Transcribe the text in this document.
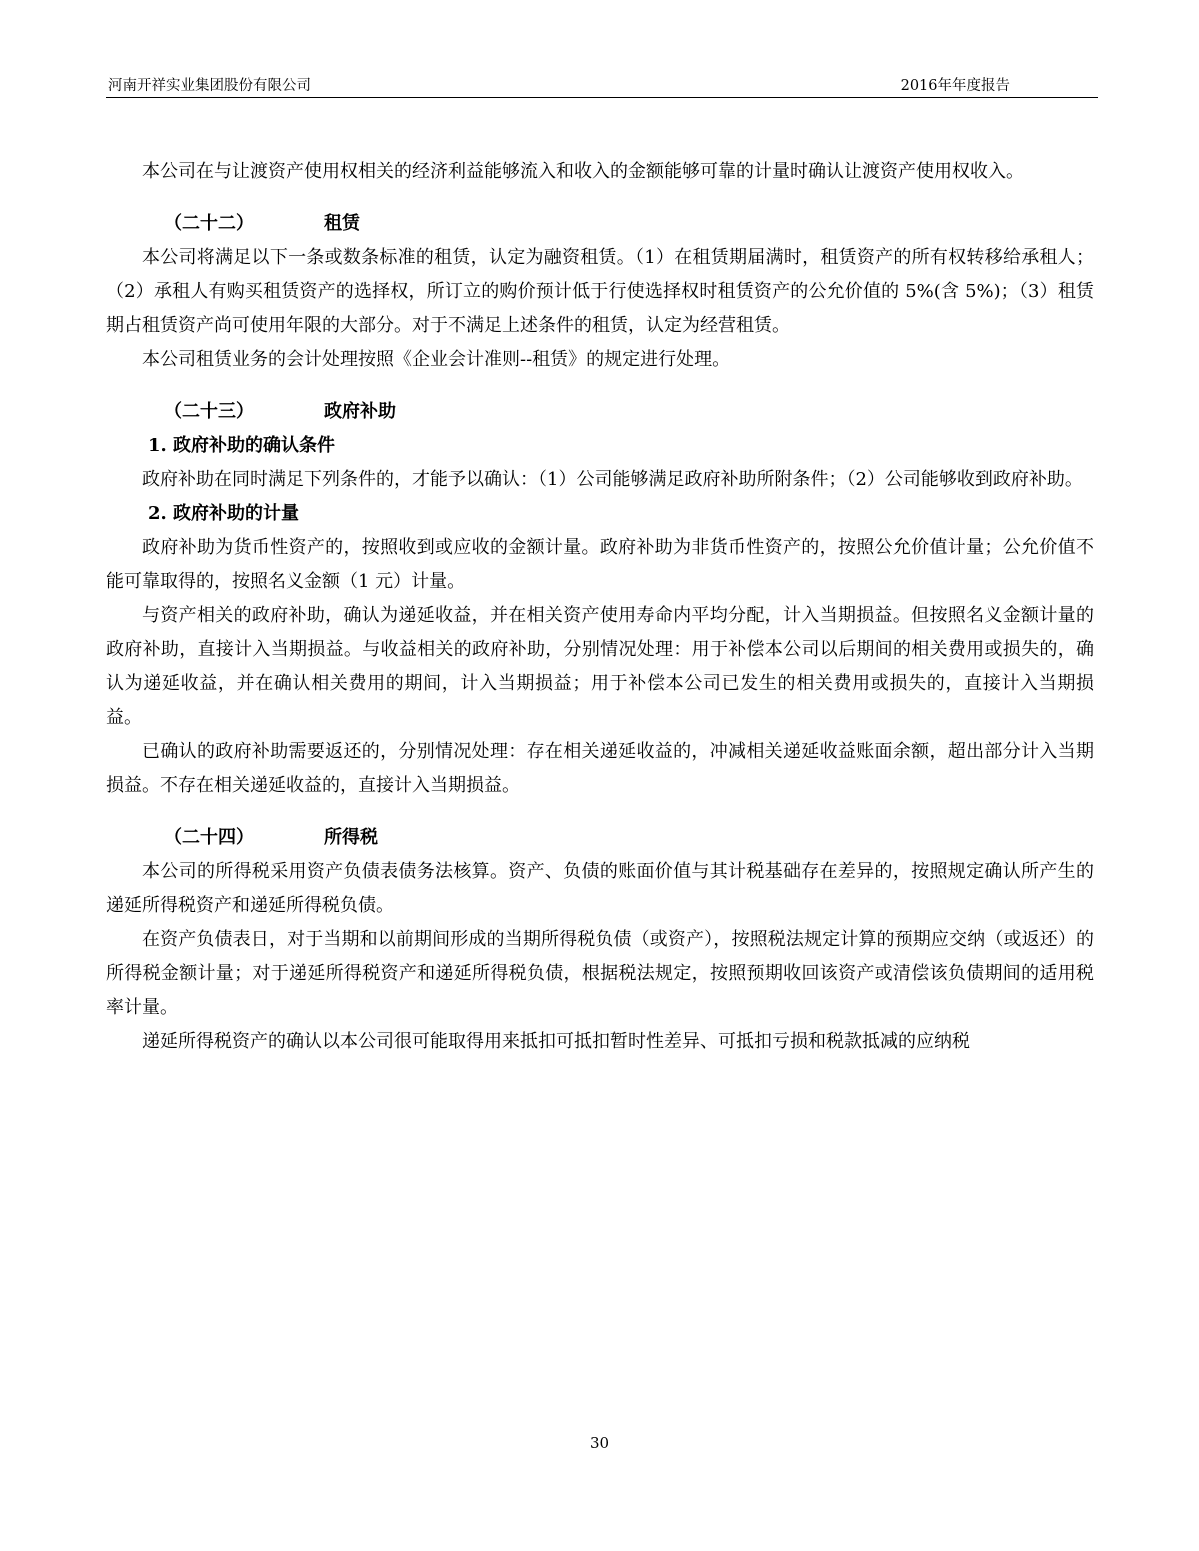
河南开祥实业集团股份有限公司	2016年年度报告

本公司在与让渡资产使用权相关的经济利益能够流入和收入的金额能够可靠的计量时确认让渡资产使用权收入。

（二十二）	租赁

本公司将满足以下一条或数条标准的租赁，认定为融资租赁。（1）在租赁期届满时，租赁资产的所有权转移给承租人；（2）承租人有购买租赁资产的选择权，所订立的购价预计低于行使选择权时租赁资产的公允价值的 5%(含 5%)；（3）租赁期占租赁资产尚可使用年限的大部分。对于不满足上述条件的租赁，认定为经营租赁。

本公司租赁业务的会计处理按照《企业会计准则--租赁》的规定进行处理。

（二十三）	政府补助
1. 政府补助的确认条件

政府补助在同时满足下列条件的，才能予以确认：（1）公司能够满足政府补助所附条件；（2）公司能够收到政府补助。

2. 政府补助的计量

政府补助为货币性资产的，按照收到或应收的金额计量。政府补助为非货币性资产的，按照公允价值计量；公允价值不能可靠取得的，按照名义金额（1 元）计量。

与资产相关的政府补助，确认为递延收益，并在相关资产使用寿命内平均分配，计入当期损益。但按照名义金额计量的政府补助，直接计入当期损益。与收益相关的政府补助，分别情况处理：用于补偿本公司以后期间的相关费用或损失的，确认为递延收益，并在确认相关费用的期间，计入当期损益；用于补偿本公司已发生的相关费用或损失的，直接计入当期损益。

已确认的政府补助需要返还的，分别情况处理：存在相关递延收益的，冲减相关递延收益账面余额，超出部分计入当期损益。不存在相关递延收益的，直接计入当期损益。

（二十四）	所得税

本公司的所得税采用资产负债表债务法核算。资产、负债的账面价值与其计税基础存在差异的，按照规定确认所产生的递延所得税资产和递延所得税负债。

在资产负债表日，对于当期和以前期间形成的当期所得税负债（或资产），按照税法规定计算的预期应交纳（或返还）的所得税金额计量；对于递延所得税资产和递延所得税负债，根据税法规定，按照预期收回该资产或清偿该负债期间的适用税率计量。

递延所得税资产的确认以本公司很可能取得用来抵扣可抵扣暂时性差异、可抵扣亏损和税款抵减的应纳税

30
